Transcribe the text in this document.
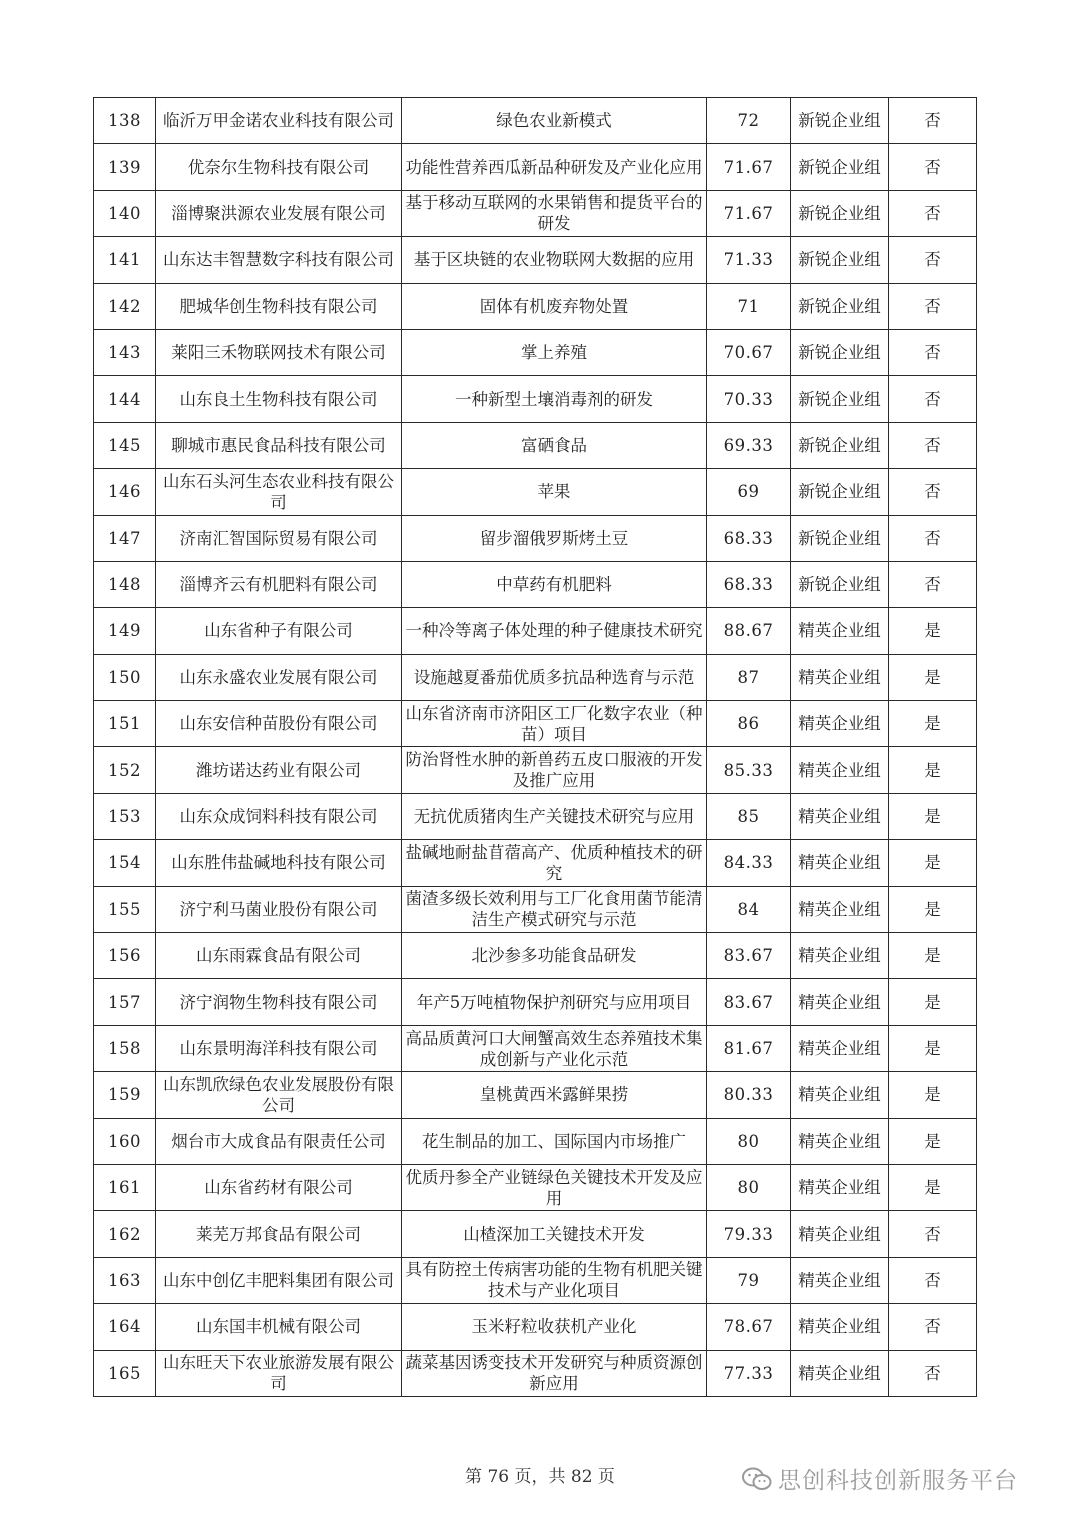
138	临沂万甲金诺农业科技有限公司	绿色农业新模式	72	新锐企业组	否
139	优奈尔生物科技有限公司	功能性营养西瓜新品种研发及产业化应用	71.67	新锐企业组	否
140	淄博聚洪源农业发展有限公司	基于移动互联网的水果销售和提货平台的研发	71.67	新锐企业组	否
141	山东达丰智慧数字科技有限公司	基于区块链的农业物联网大数据的应用	71.33	新锐企业组	否
142	肥城华创生物科技有限公司	固体有机废弃物处置	71	新锐企业组	否
143	莱阳三禾物联网技术有限公司	掌上养殖	70.67	新锐企业组	否
144	山东良土生物科技有限公司	一种新型土壤消毒剂的研发	70.33	新锐企业组	否
145	聊城市惠民食品科技有限公司	富硒食品	69.33	新锐企业组	否
146	山东石头河生态农业科技有限公司	苹果	69	新锐企业组	否
147	济南汇智国际贸易有限公司	留步溜俄罗斯烤土豆	68.33	新锐企业组	否
148	淄博齐云有机肥料有限公司	中草药有机肥料	68.33	新锐企业组	否
149	山东省种子有限公司	一种冷等离子体处理的种子健康技术研究	88.67	精英企业组	是
150	山东永盛农业发展有限公司	设施越夏番茄优质多抗品种选育与示范	87	精英企业组	是
151	山东安信种苗股份有限公司	山东省济南市济阳区工厂化数字农业（种苗）项目	86	精英企业组	是
152	潍坊诺达药业有限公司	防治肾性水肿的新兽药五皮口服液的开发及推广应用	85.33	精英企业组	是
153	山东众成饲料科技有限公司	无抗优质猪肉生产关键技术研究与应用	85	精英企业组	是
154	山东胜伟盐碱地科技有限公司	盐碱地耐盐苜蓿高产、优质种植技术的研究	84.33	精英企业组	是
155	济宁利马菌业股份有限公司	菌渣多级长效利用与工厂化食用菌节能清洁生产模式研究与示范	84	精英企业组	是
156	山东雨霖食品有限公司	北沙参多功能食品研发	83.67	精英企业组	是
157	济宁润物生物科技有限公司	年产5万吨植物保护剂研究与应用项目	83.67	精英企业组	是
158	山东景明海洋科技有限公司	高品质黄河口大闸蟹高效生态养殖技术集成创新与产业化示范	81.67	精英企业组	是
159	山东凯欣绿色农业发展股份有限公司	皇桃黄西米露鲜果捞	80.33	精英企业组	是
160	烟台市大成食品有限责任公司	花生制品的加工、国际国内市场推广	80	精英企业组	是
161	山东省药材有限公司	优质丹参全产业链绿色关键技术开发及应用	80	精英企业组	是
162	莱芜万邦食品有限公司	山楂深加工关键技术开发	79.33	精英企业组	否
163	山东中创亿丰肥料集团有限公司	具有防控土传病害功能的生物有机肥关键技术与产业化项目	79	精英企业组	否
164	山东国丰机械有限公司	玉米籽粒收获机产业化	78.67	精英企业组	否
165	山东旺天下农业旅游发展有限公司	蔬菜基因诱变技术开发研究与种质资源创新应用	77.33	精英企业组	否
第 76 页，共 82 页	思创科技创新服务平台
